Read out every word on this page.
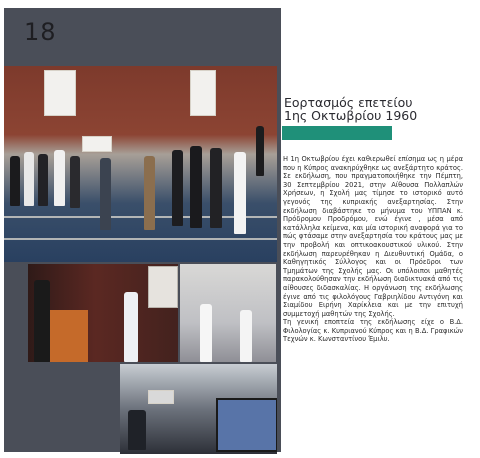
18
Εορτασμός επετείου
1ης Οκτωβρίου 1960

Η 1η Οκτωβρίου έχει καθιερωθεί επίσημα ως η μέρα που η Κύπρος ανακηρύχθηκε ως ανεξάρτητο κράτος. Σε εκδήλωση, που πραγματοποιήθηκε την Πέμπτη, 30 Σεπτεμβρίου 2021, στην Αίθουσα Πολλαπλών Χρήσεων, η Σχολή μας τίμησε το ιστορικό αυτό γεγονός της κυπριακής ανεξαρτησίας. Στην εκδήλωση διαβάστηκε το μήνυμα του ΥΠΠΑΝ κ. Πρόδρομου Προδρόμου, ενώ έγινε , μέσα από κατάλληλα κείμενα, και μία ιστορική αναφορά για το πώς φτάσαμε στην ανεξαρτησία του κράτους μας με την προβολή και οπτικοακουστικού υλικού. Στην εκδήλωση παρευρέθηκαν η Διευθυντική Ομάδα, ο Καθηγητικός Σύλλογος και οι Πρόεδροι των Τμημάτων της Σχολής μας. Οι υπόλοιποι μαθητές παρακολούθησαν την εκδήλωση διαδικτυακά από τις αίθουσες διδασκαλίας. Η οργάνωση της εκδήλωσης έγινε από τις φιλολόγους Γαβριηλίδου Αντιγόνη και Σιαμίδου Ειρήνη Χαρίκλεια και με την επιτυχή συμμετοχή μαθητών της Σχολής.

Τη γενική εποπτεία της εκδήλωσης είχε ο Β.Δ. Φιλολογίας κ. Κυπριανού Κύπρος και η Β.Δ. Γραφικών Τεχνών κ. Κωνσταντίνου Έμιλυ.
